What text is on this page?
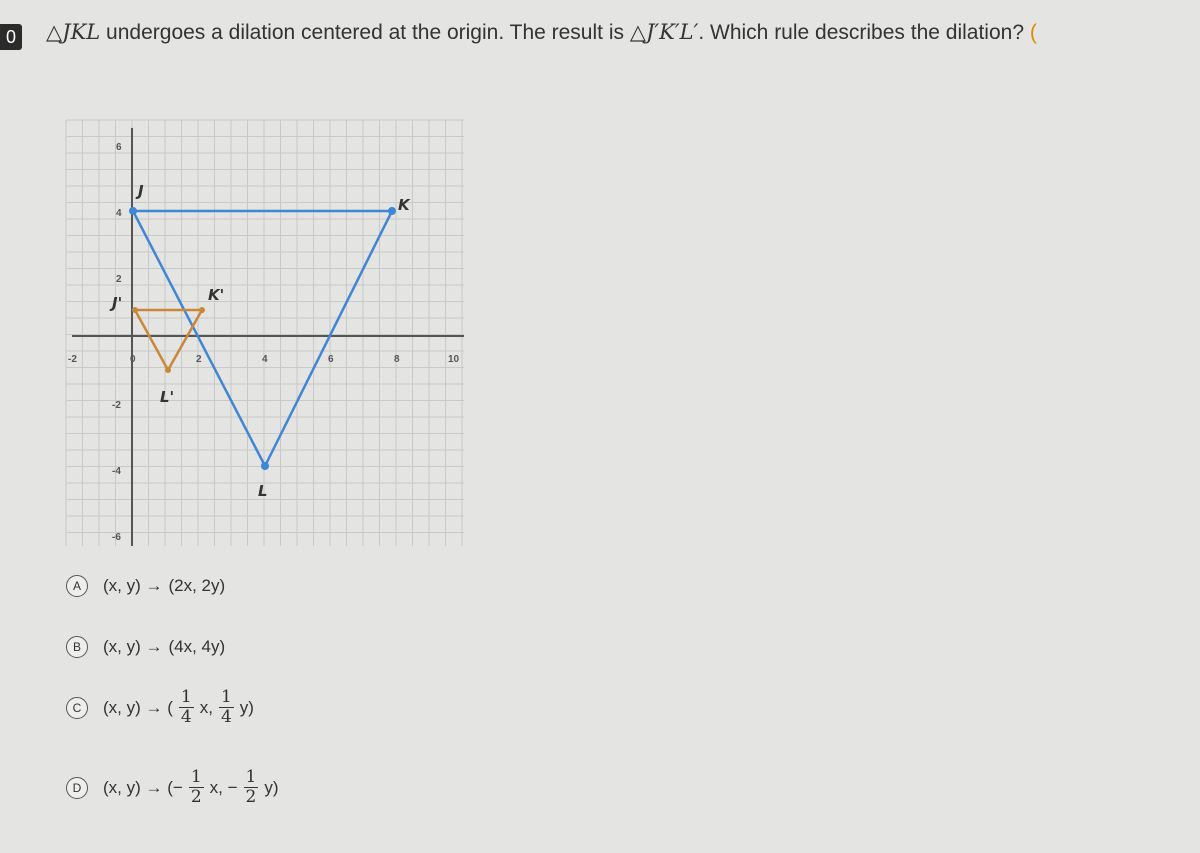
0 △JKL undergoes a dilation centered at the origin. The result is △J′K′L′. Which rule describes the dilation? (
-2	0	2	4	6	8	10
6
4
2
-2
-4
-6
J
K
L
J'	K'
L'
A	(x, y) → (2x, 2y)
B	(x, y) → (4x, 4y)
C	(x, y) → ( $\frac{1}{4} x$, $\frac{1}{4} y$)
D	(x, y) → (− $\frac{1}{2} x$, − $\frac{1}{2} y$)
